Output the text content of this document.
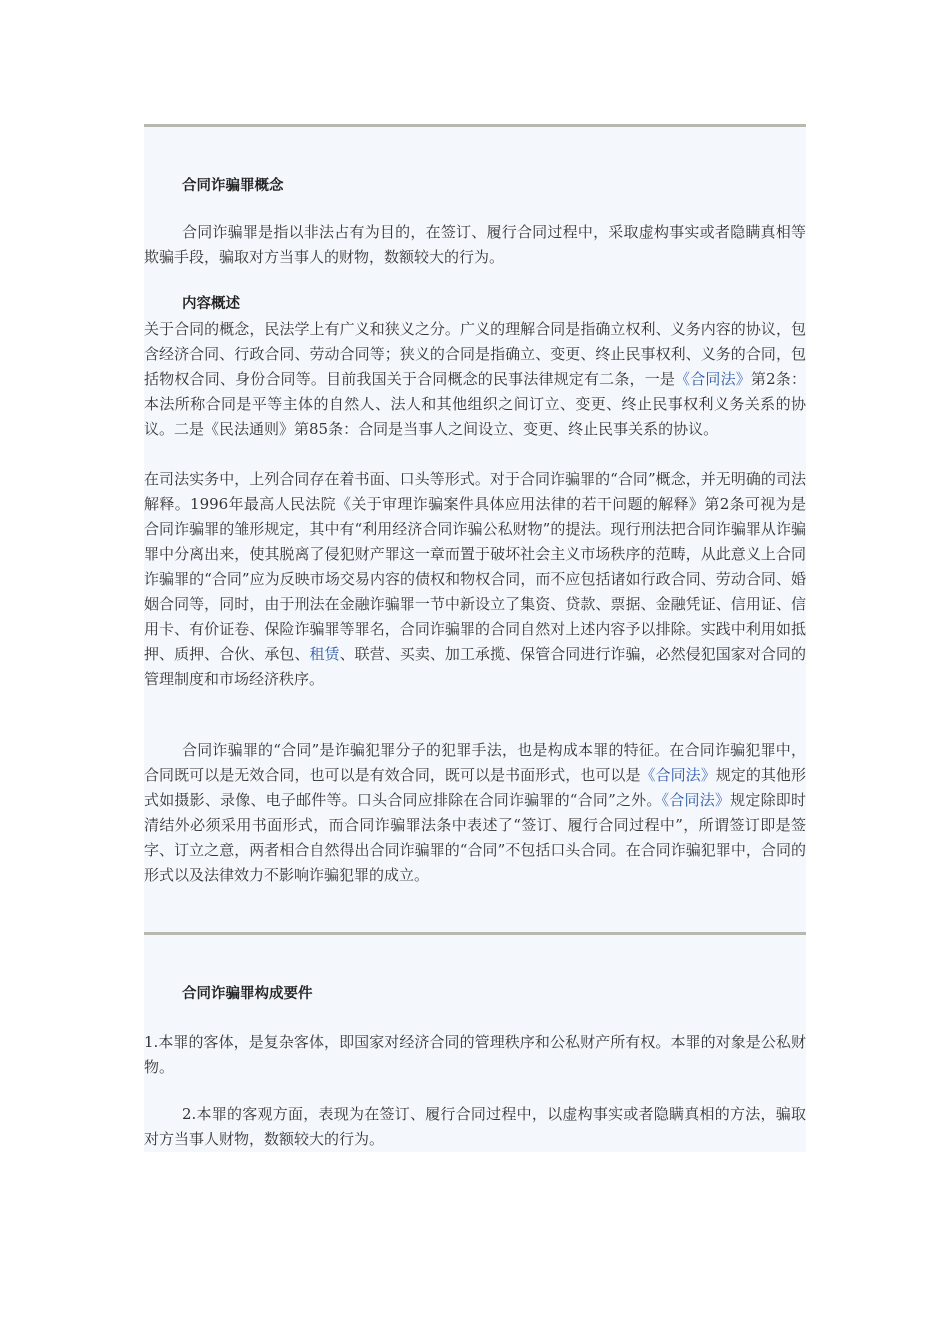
合同诈骗罪概念
合同诈骗罪是指以非法占有为目的，在签订、履行合同过程中，采取虚构事实或者隐瞒真相等欺骗手段，骗取对方当事人的财物，数额较大的行为。
内容概述
关于合同的概念，民法学上有广义和狭义之分。广义的理解合同是指确立权利、义务内容的协议，包含经济合同、行政合同、劳动合同等；狭义的合同是指确立、变更、终止民事权利、义务的合同，包括物权合同、身份合同等。目前我国关于合同概念的民事法律规定有二条，一是《合同法》第2条：本法所称合同是平等主体的自然人、法人和其他组织之间订立、变更、终止民事权利义务关系的协议。二是《民法通则》第85条：合同是当事人之间设立、变更、终止民事关系的协议。
在司法实务中，上列合同存在着书面、口头等形式。对于合同诈骗罪的“合同”概念，并无明确的司法解释。1996年最高人民法院《关于审理诈骗案件具体应用法律的若干问题的解释》第2条可视为是合同诈骗罪的雏形规定，其中有“利用经济合同诈骗公私财物”的提法。现行刑法把合同诈骗罪从诈骗罪中分离出来，使其脱离了侵犯财产罪这一章而置于破坏社会主义市场秩序的范畴，从此意义上合同诈骗罪的“合同”应为反映市场交易内容的债权和物权合同，而不应包括诸如行政合同、劳动合同、婚姻合同等，同时，由于刑法在金融诈骗罪一节中新设立了集资、贷款、票据、金融凭证、信用证、信用卡、有价证卷、保险诈骗罪等罪名，合同诈骗罪的合同自然对上述内容予以排除。实践中利用如抵押、质押、合伙、承包、租赁、联营、买卖、加工承揽、保管合同进行诈骗，必然侵犯国家对合同的管理制度和市场经济秩序。
合同诈骗罪的“合同”是诈骗犯罪分子的犯罪手法，也是构成本罪的特征。在合同诈骗犯罪中，合同既可以是无效合同，也可以是有效合同，既可以是书面形式，也可以是《合同法》规定的其他形式如摄影、录像、电子邮件等。口头合同应排除在合同诈骗罪的“合同”之外。《合同法》规定除即时清结外必须采用书面形式，而合同诈骗罪法条中表述了“签订、履行合同过程中”，所谓签订即是签字、订立之意，两者相合自然得出合同诈骗罪的“合同”不包括口头合同。在合同诈骗犯罪中，合同的形式以及法律效力不影响诈骗犯罪的成立。
合同诈骗罪构成要件
1.本罪的客体，是复杂客体，即国家对经济合同的管理秩序和公私财产所有权。本罪的对象是公私财物。
2.本罪的客观方面，表现为在签订、履行合同过程中，以虚构事实或者隐瞒真相的方法，骗取对方当事人财物，数额较大的行为。
